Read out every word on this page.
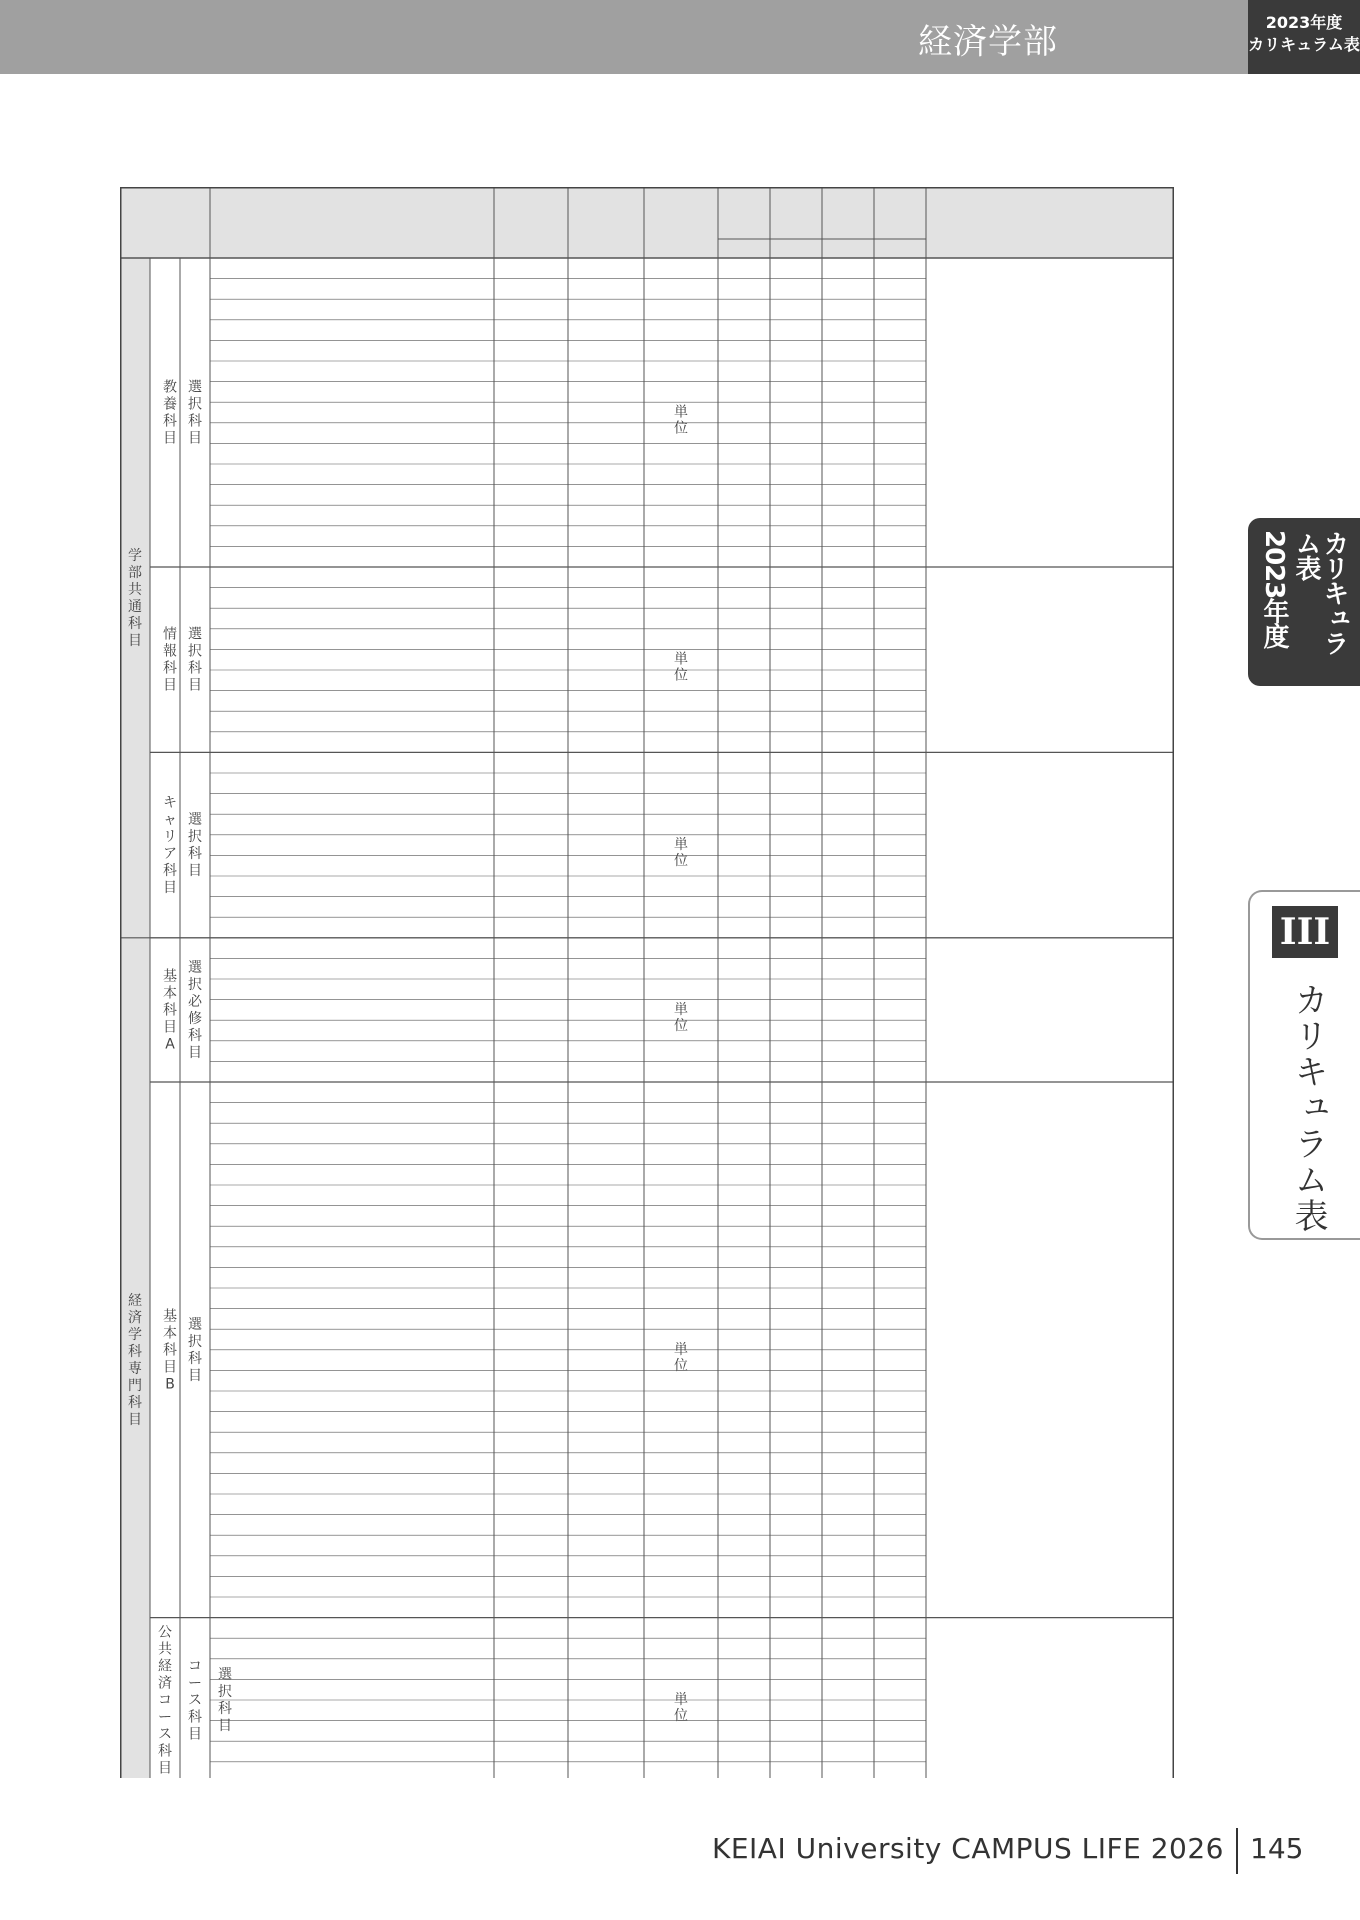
経済学部	2023年度
カリキュラム表
2023年度	カリキュラム表
III
カリキュラム表
教養科目
選択科目
単位
情報科目
選択科目
単位
キャリア科目
選択科目
単位
基本科目 A
選択必修科目
単位
基本科目 B
選択科目
単位
公共経済コース科目
コース科目
選択科目
単位
学部共通科目
経済学科専門科目
KEIAI University CAMPUS LIFE 2026 145
